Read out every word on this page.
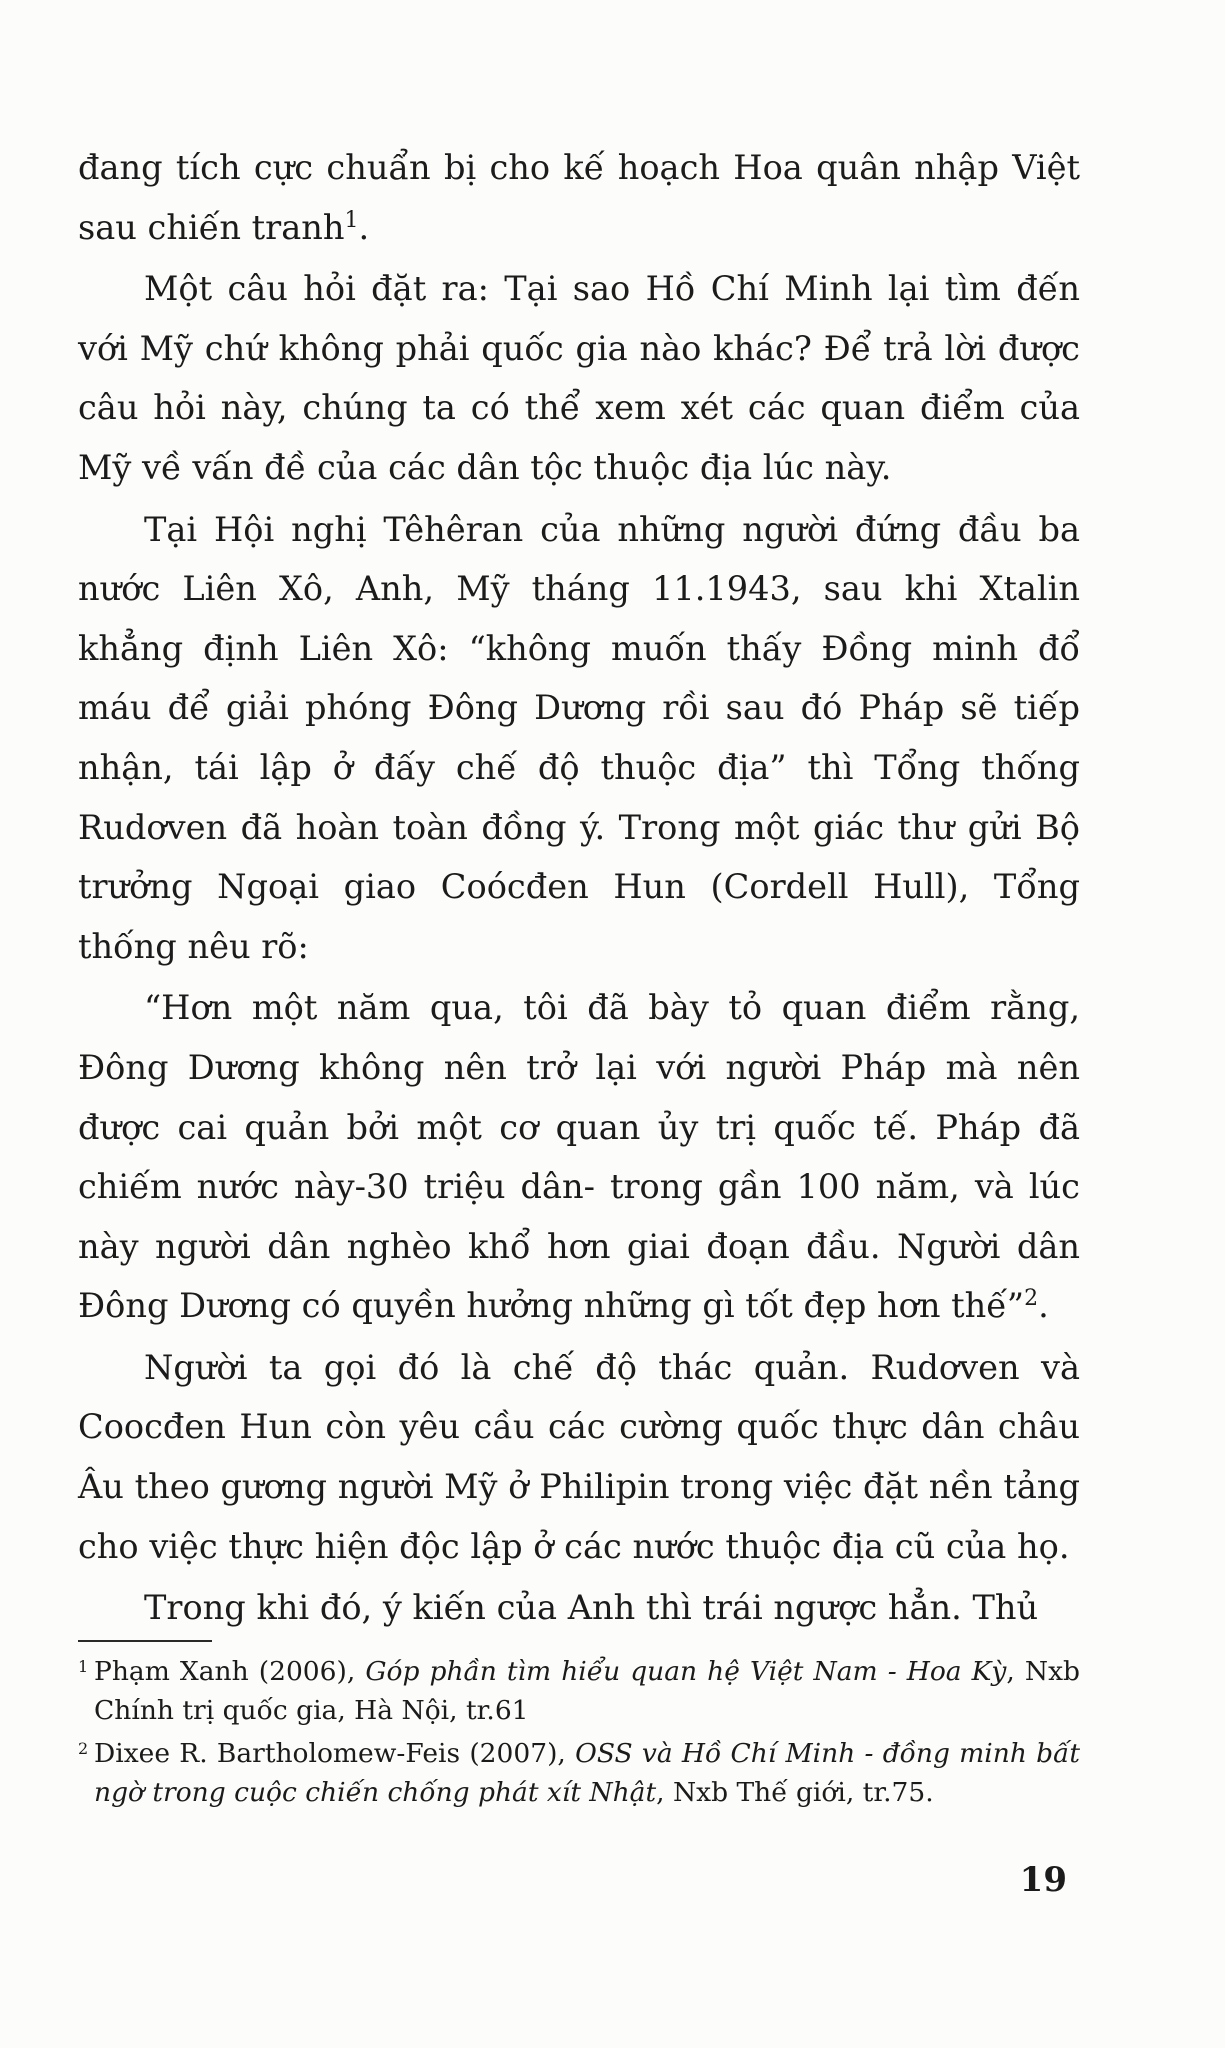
đang tích cực chuẩn bị cho kế hoạch Hoa quân nhập Việt sau chiến tranh$^1$.

Một câu hỏi đặt ra: Tại sao Hồ Chí Minh lại tìm đến với Mỹ chứ không phải quốc gia nào khác? Để trả lời được câu hỏi này, chúng ta có thể xem xét các quan điểm của Mỹ về vấn đề của các dân tộc thuộc địa lúc này.

Tại Hội nghị Têhêran của những người đứng đầu ba nước Liên Xô, Anh, Mỹ tháng 11.1943, sau khi Xtalin khẳng định Liên Xô: “không muốn thấy Đồng minh đổ máu để giải phóng Đông Dương rồi sau đó Pháp sẽ tiếp nhận, tái lập ở đấy chế độ thuộc địa” thì Tổng thống Rudơven đã hoàn toàn đồng ý. Trong một giác thư gửi Bộ trưởng Ngoại giao Coócđen Hun (Cordell Hull), Tổng thống nêu rõ:

“Hơn một năm qua, tôi đã bày tỏ quan điểm rằng, Đông Dương không nên trở lại với người Pháp mà nên được cai quản bởi một cơ quan ủy trị quốc tế. Pháp đã chiếm nước này-30 triệu dân- trong gần 100 năm, và lúc này người dân nghèo khổ hơn giai đoạn đầu. Người dân Đông Dương có quyền hưởng những gì tốt đẹp hơn thế”$^2$.

Người ta gọi đó là chế độ thác quản. Rudơven và Coocđen Hun còn yêu cầu các cường quốc thực dân châu Âu theo gương người Mỹ ở Philipin trong việc đặt nền tảng cho việc thực hiện độc lập ở các nước thuộc địa cũ của họ.

Trong khi đó, ý kiến của Anh thì trái ngược hẳn. Thủ

1 Phạm Xanh (2006), Góp phần tìm hiểu quan hệ Việt Nam - Hoa Kỳ, Nxb Chính trị quốc gia, Hà Nội, tr.61
2 Dixee R. Bartholomew-Feis (2007), OSS và Hồ Chí Minh - đồng minh bất ngờ trong cuộc chiến chống phát xít Nhật, Nxb Thế giới, tr.75.
19
